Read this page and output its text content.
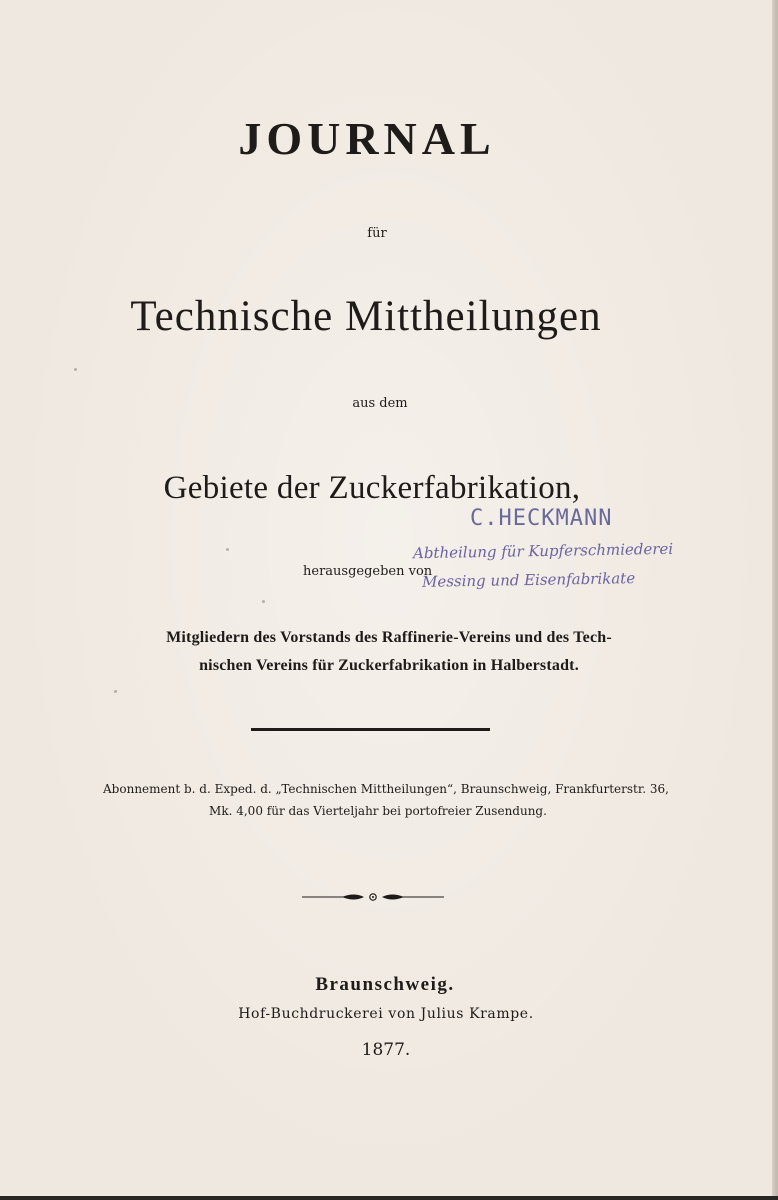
JOURNAL
für
Technische Mittheilungen
aus dem
Gebiete der Zuckerfabrikation,
C.HECKMANN
Abtheilung für Kupferschmiederei
Messing und Eisenfabrikate
herausgegeben von
Mitgliedern des Vorstands des Raffinerie-Vereins und des Tech-
nischen Vereins für Zuckerfabrikation in Halberstadt.
Abonnement b. d. Exped. d. „Technischen Mittheilungen“, Braunschweig, Frankfurterstr. 36,
Mk. 4,00 für das Vierteljahr bei portofreier Zusendung.
Braunschweig.
Hof-Buchdruckerei von Julius Krampe.
1877.
